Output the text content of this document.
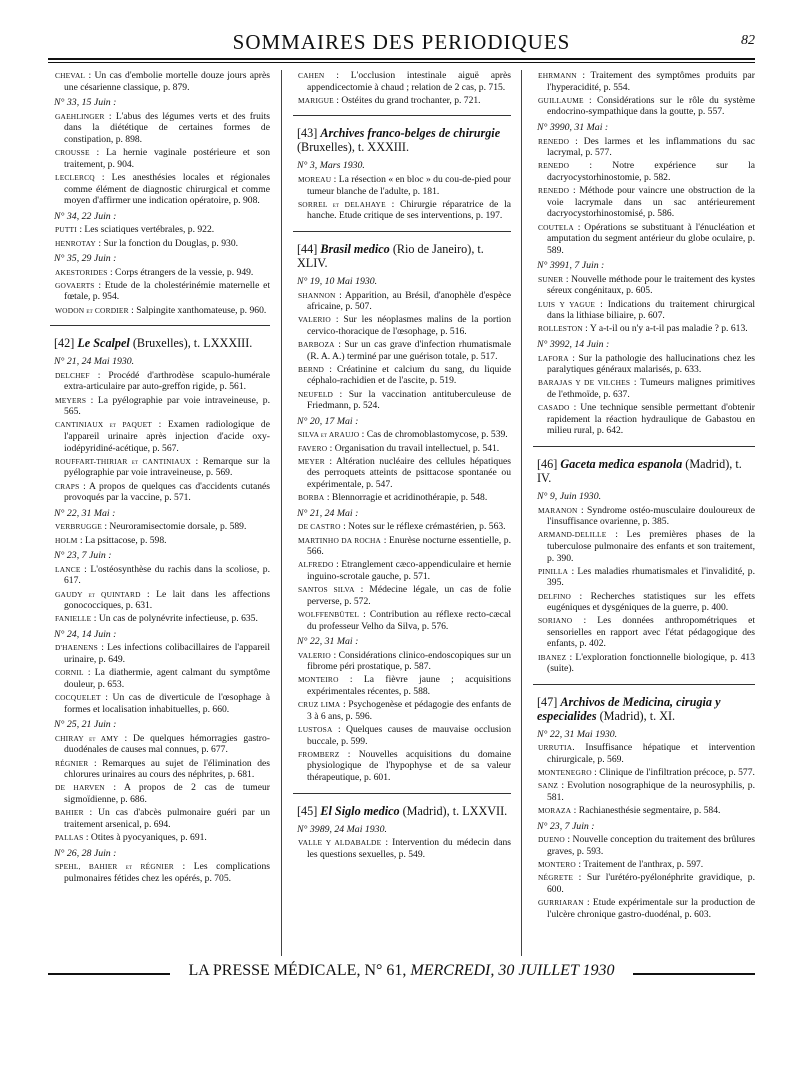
SOMMAIRES DES PERIODIQUES	82

CHEVAL : Un cas d'embolie mortelle douze jours après une césarienne classique, p. 879.

N° 33, 15 Juin :

GAEHLINGER : L'abus des légumes verts et des fruits dans la diététique de certaines formes de constipation, p. 898.

CROUSSE : La hernie vaginale postérieure et son traitement, p. 904.

LECLERCQ : Les anesthésies locales et régionales comme élément de diagnostic chirurgical et comme moyen d'affirmer une indication opératoire, p. 908.

N° 34, 22 Juin :

PUTTI : Les sciatiques vertébrales, p. 922.

HENROTAY : Sur la fonction du Douglas, p. 930.

N° 35, 29 Juin :

AKESTORIDES : Corps étrangers de la vessie, p. 949.

GOVAERTS : Etude de la cholestérinémie maternelle et fœtale, p. 954.

WODON et CORDIER : Salpingite xanthomateuse, p. 960.

[42] Le Scalpel (Bruxelles), t. LXXXIII.

N° 21, 24 Mai 1930.

DELCHEF : Procédé d'arthrodèse scapulo-humérale extra-articulaire par auto-greffon rigide, p. 561.

MEYERS : La pyélographie par voie intraveineuse, p. 565.

CANTINIAUX et PAQUET : Examen radiologique de l'appareil urinaire après injection d'acide oxy-iodépyridiné-acétique, p. 567.

ROUFFART-THIRIAR et CANTINIAUX : Remarque sur la pyélographie par voie intraveineuse, p. 569.

CRAPS : A propos de quelques cas d'accidents cutanés provoqués par la vaccine, p. 571.

N° 22, 31 Mai :

VERBRUGGE : Neuroramisectomie dorsale, p. 589.

HOLM : La psittacose, p. 598.

N° 23, 7 Juin :

LANCE : L'ostéosynthèse du rachis dans la scoliose, p. 617.

GAUDY et QUINTARD : Le lait dans les affections gonococciques, p. 631.

FANIELLE : Un cas de polynévrite infectieuse, p. 635.

N° 24, 14 Juin :

D'HAENENS : Les infections colibacillaires de l'appareil urinaire, p. 649.

CORNIL : La diathermie, agent calmant du symptôme douleur, p. 653.

COCQUELET : Un cas de diverticule de l'œsophage à formes et localisation inhabituelles, p. 660.

N° 25, 21 Juin :

CHIRAY et AMY : De quelques hémorragies gastro-duodénales de causes mal connues, p. 677.

RÉGNIER : Remarques au sujet de l'élimination des chlorures urinaires au cours des néphrites, p. 681.

DE HARVEN : A propos de 2 cas de tumeur sigmoïdienne, p. 686.

BAHIER : Un cas d'abcès pulmonaire guéri par un traitement arsenical, p. 694.

PALLAS : Otites à pyocyaniques, p. 691.

N° 26, 28 Juin :

SPEHL, BAHIER et RÉGNIER : Les complications pulmonaires fétides chez les opérés, p. 705.

CAHEN : L'occlusion intestinale aiguë après appendicectomie à chaud ; relation de 2 cas, p. 715.

MARIGUE : Ostéites du grand trochanter, p. 721.

[43] Archives franco-belges de chirurgie (Bruxelles), t. XXXIII.

N° 3, Mars 1930.

MOREAU : La résection « en bloc » du cou-de-pied pour tumeur blanche de l'adulte, p. 181.

SORREL et DELAHAYE : Chirurgie réparatrice de la hanche. Etude critique de ses interventions, p. 197.

[44] Brasil medico (Rio de Janeiro), t. XLIV.

N° 19, 10 Mai 1930.

SHANNON : Apparition, au Brésil, d'anophèle d'espèce africaine, p. 507.

VALERIO : Sur les néoplasmes malins de la portion cervico-thoracique de l'œsophage, p. 516.

BARBOZA : Sur un cas grave d'infection rhumatismale (R. A. A.) terminé par une guérison totale, p. 517.

BERND : Créatinine et calcium du sang, du liquide céphalo-rachidien et de l'ascite, p. 519.

NEUFELD : Sur la vaccination antituberculeuse de Friedmann, p. 524.

N° 20, 17 Mai :

SILVA et ARAUJO : Cas de chromoblastomycose, p. 539.

FAVERO : Organisation du travail intellectuel, p. 541.

MEYER : Altération nucléaire des cellules hépatiques des perroquets atteints de psittacose spontanée ou expérimentale, p. 547.

BORBA : Blennorragie et acridinothérapie, p. 548.

N° 21, 24 Mai :

DE CASTRO : Notes sur le réflexe crémastérien, p. 563.

MARTINHO DA ROCHA : Enurèse nocturne essentielle, p. 566.

ALFREDO : Etranglement cæco-appendiculaire et hernie inguino-scrotale gauche, p. 571.

SANTOS SILVA : Médecine légale, un cas de folie perverse, p. 572.

WOLFFENBÜTEL : Contribution au réflexe recto-cæcal du professeur Velho da Silva, p. 576.

N° 22, 31 Mai :

VALERIO : Considérations clinico-endoscopiques sur un fibrome péri prostatique, p. 587.

MONTEIRO : La fièvre jaune ; acquisitions expérimentales récentes, p. 588.

CRUZ LIMA : Psychogenèse et pédagogie des enfants de 3 à 6 ans, p. 596.

LUSTOSA : Quelques causes de mauvaise occlusion buccale, p. 599.

FROMBERZ : Nouvelles acquisitions du domaine physiologique de l'hypophyse et de sa valeur thérapeutique, p. 601.

[45] El Siglo medico (Madrid), t. LXXVII.

N° 3989, 24 Mai 1930.

VALLE Y ALDABALDE : Intervention du médecin dans les questions sexuelles, p. 549.

EHRMANN : Traitement des symptômes produits par l'hyperacidité, p. 554.

GUILLAUME : Considérations sur le rôle du système endocrino-sympathique dans la goutte, p. 557.

N° 3990, 31 Mai :

RENEDO : Des larmes et les inflammations du sac lacrymal, p. 577.

RENEDO : Notre expérience sur la dacryocystorhinostomie, p. 582.

RENEDO : Méthode pour vaincre une obstruction de la voie lacrymale dans un sac antérieurement dacryocystorhinostomisé, p. 586.

COUTELA : Opérations se substituant à l'énucléation et amputation du segment antérieur du globe oculaire, p. 589.

N° 3991, 7 Juin :

SUNER : Nouvelle méthode pour le traitement des kystes séreux congénitaux, p. 605.

LUIS Y YAGUE : Indications du traitement chirurgical dans la lithiase biliaire, p. 607.

ROLLESTON : Y a-t-il ou n'y a-t-il pas maladie ? p. 613.

N° 3992, 14 Juin :

LAFORA : Sur la pathologie des hallucinations chez les paralytiques généraux malarisés, p. 633.

BARAJAS Y DE VILCHES : Tumeurs malignes primitives de l'ethmoïde, p. 637.

CASADO : Une technique sensible permettant d'obtenir rapidement la réaction hydraulique de Gabastou en milieu rural, p. 642.

[46] Gaceta medica espanola (Madrid), t. IV.

N° 9, Juin 1930.

MARANON : Syndrome ostéo-musculaire douloureux de l'insuffisance ovarienne, p. 385.

ARMAND-DELILLE : Les premières phases de la tuberculose pulmonaire des enfants et son traitement, p. 390.

PINILLA : Les maladies rhumatismales et l'invalidité, p. 395.

DELFINO : Recherches statistiques sur les effets eugéniques et dysgéniques de la guerre, p. 400.

SORIANO : Les données anthropométriques et sensorielles en rapport avec l'état pédagogique des enfants, p. 402.

IBANEZ : L'exploration fonctionnelle biologique, p. 413 (suite).

[47] Archivos de Medicina, cirugia y especialides (Madrid), t. XI.

N° 22, 31 Mai 1930.

URRUTIA. Insuffisance hépatique et intervention chirurgicale, p. 569.

MONTENEGRO : Clinique de l'infiltration précoce, p. 577.

SANZ : Evolution nosographique de la neurosyphilis, p. 581.

MORAZA : Rachianesthésie segmentaire, p. 584.

N° 23, 7 Juin :

DUENO : Nouvelle conception du traitement des brûlures graves, p. 593.

MONTERO : Traitement de l'anthrax, p. 597.

NÉGRETE : Sur l'urétéro-pyélonéphrite gravidique, p. 600.

GURRIARAN : Etude expérimentale sur la production de l'ulcère chronique gastro-duodénal, p. 603.

LA PRESSE MÉDICALE, N° 61, MERCREDI, 30 JUILLET 1930
